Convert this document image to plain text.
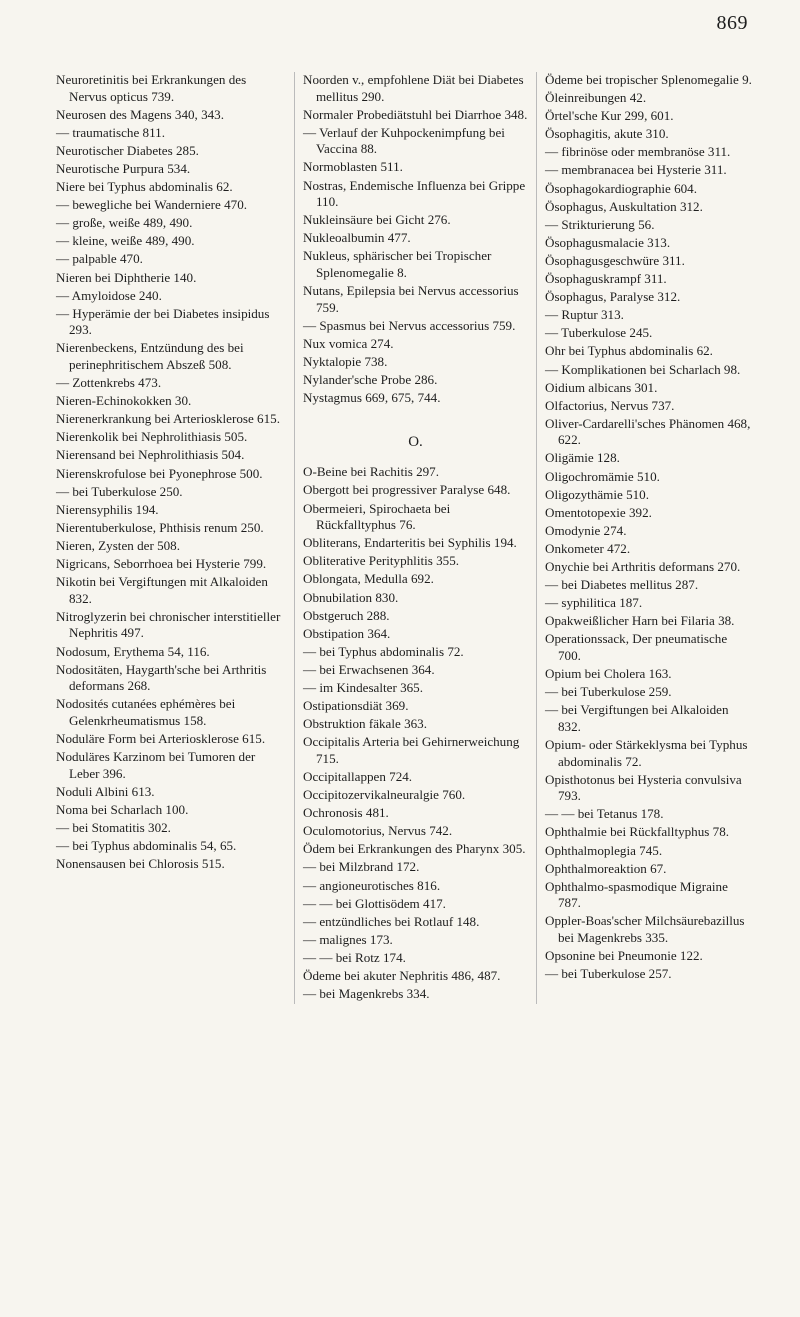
869
Neuroretinitis bei Erkrankungen des Nervus opticus 739.
Neurosen des Magens 340, 343.
— traumatische 811.
Neurotischer Diabetes 285.
Neurotische Purpura 534.
Niere bei Typhus abdominalis 62.
— bewegliche bei Wanderniere 470.
— große, weiße 489, 490.
— kleine, weiße 489, 490.
— palpable 470.
Nieren bei Diphtherie 140.
— Amyloidose 240.
— Hyperämie der bei Diabetes insipidus 293.
Nierenbeckens, Entzündung des bei perinephritischem Abszeß 508.
— Zottenkrebs 473.
Nieren-Echinokokken 30.
Nierenerkrankung bei Arteriosklerose 615.
Nierenkolik bei Nephrolithiasis 505.
Nierensand bei Nephrolithiasis 504.
Nierenskrofulose bei Pyonephrose 500.
— bei Tuberkulose 250.
Nierensyphilis 194.
Nierentuberkulose, Phthisis renum 250.
Nieren, Zysten der 508.
Nigricans, Seborrhoea bei Hysterie 799.
Nikotin bei Vergiftungen mit Alkaloiden 832.
Nitroglyzerin bei chronischer interstitieller Nephritis 497.
Nodosum, Erythema 54, 116.
Nodositäten, Haygarth'sche bei Arthritis deformans 268.
Nodosités cutanées ephémères bei Gelenkrheumatismus 158.
Noduläre Form bei Arteriosklerose 615.
Noduläres Karzinom bei Tumoren der Leber 396.
Noduli Albini 613.
Noma bei Scharlach 100.
— bei Stomatitis 302.
— bei Typhus abdominalis 54, 65.
Nonensausen bei Chlorosis 515.
Noorden v., empfohlene Diät bei Diabetes mellitus 290.
Normaler Probediätstuhl bei Diarrhoe 348.
— Verlauf der Kuhpockenimpfung bei Vaccina 88.
Normoblasten 511.
Nostras, Endemische Influenza bei Grippe 110.
Nukleinsäure bei Gicht 276.
Nukleoalbumin 477.
Nukleus, sphärischer bei Tropischer Splenomegalie 8.
Nutans, Epilepsia bei Nervus accessorius 759.
— Spasmus bei Nervus accessorius 759.
Nux vomica 274.
Nyktalopie 738.
Nylander'sche Probe 286.
Nystagmus 669, 675, 744.
O.
O-Beine bei Rachitis 297.
Obergott bei progressiver Paralyse 648.
Obermeieri, Spirochaeta bei Rückfalltyphus 76.
Obliterans, Endarteritis bei Syphilis 194.
Obliterative Perityphlitis 355.
Oblongata, Medulla 692.
Obnubilation 830.
Obstgeruch 288.
Obstipation 364.
— bei Typhus abdominalis 72.
— bei Erwachsenen 364.
— im Kindesalter 365.
Ostipationsdiät 369.
Obstruktion fäkale 363.
Occipitalis Arteria bei Gehirnerweichung 715.
Occipitallappen 724.
Occipitozervikalneuralgie 760.
Ochronosis 481.
Oculomotorius, Nervus 742.
Ödem bei Erkrankungen des Pharynx 305.
— bei Milzbrand 172.
— angioneurotisches 816.
— — bei Glottisödem 417.
— entzündliches bei Rotlauf 148.
— malignes 173.
— — bei Rotz 174.
Ödeme bei akuter Nephritis 486, 487.
— bei Magenkrebs 334.
Ödeme bei tropischer Splenomegalie 9.
Öleinreibungen 42.
Örtel'sche Kur 299, 601.
Ösophagitis, akute 310.
— fibrinöse oder membranöse 311.
— membranacea bei Hysterie 311.
Ösophagokardiographie 604.
Ösophagus, Auskultation 312.
— Strikturierung 56.
Ösophagusmalacie 313.
Ösophagusgeschwüre 311.
Ösophaguskrampf 311.
Ösophagus, Paralyse 312.
— Ruptur 313.
— Tuberkulose 245.
Ohr bei Typhus abdominalis 62.
— Komplikationen bei Scharlach 98.
Oidium albicans 301.
Olfactorius, Nervus 737.
Oliver-Cardarelli'sches Phänomen 468, 622.
Oligämie 128.
Oligochromämie 510.
Oligozythämie 510.
Omentotopexie 392.
Omodynie 274.
Onkometer 472.
Onychie bei Arthritis deformans 270.
— bei Diabetes mellitus 287.
— syphilitica 187.
Opakweißlicher Harn bei Filaria 38.
Operationssack, Der pneumatische 700.
Opium bei Cholera 163.
— bei Tuberkulose 259.
— bei Vergiftungen bei Alkaloiden 832.
Opium- oder Stärkeklysma bei Typhus abdominalis 72.
Opisthotonus bei Hysteria convulsiva 793.
— — bei Tetanus 178.
Ophthalmie bei Rückfalltyphus 78.
Ophthalmoplegia 745.
Ophthalmoreaktion 67.
Ophthalmo-spasmodique Migraine 787.
Oppler-Boas'scher Milchsäurebazillus bei Magenkrebs 335.
Opsonine bei Pneumonie 122.
— bei Tuberkulose 257.
